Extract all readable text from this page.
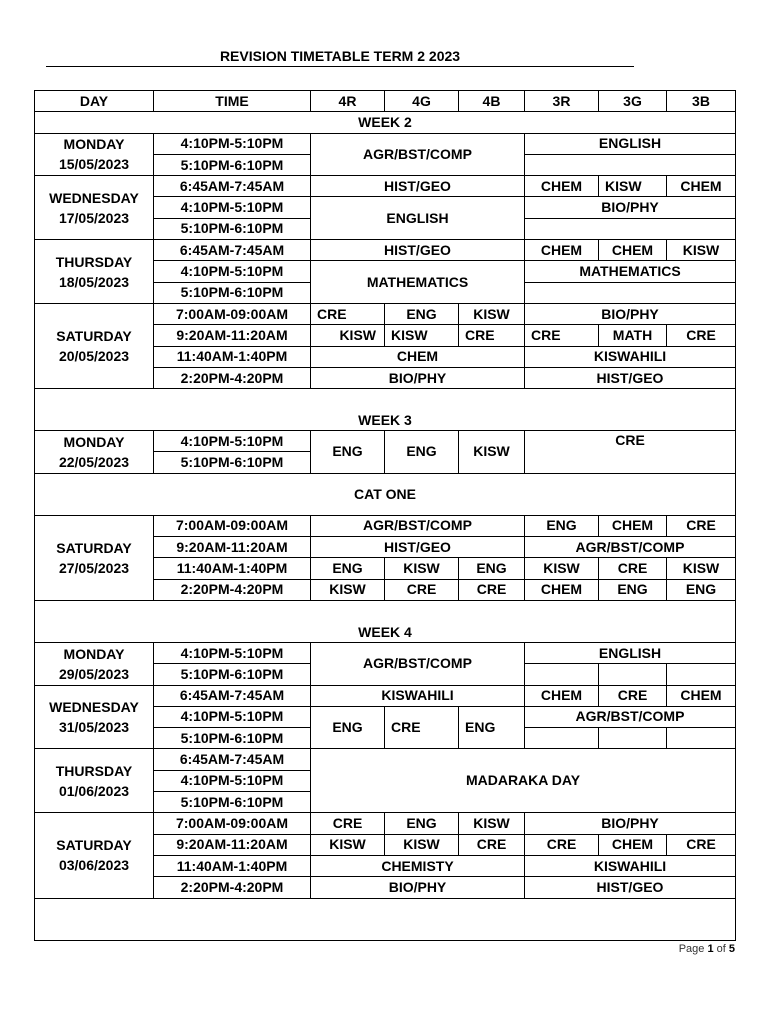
REVISION TIMETABLE TERM 2 2023
DAY	TIME	4R	4G	4B	3R	3G	3B
WEEK 2							
MONDAY
15/05/2023	4:10PM-5:10PM	AGR/BST/COMP			ENGLISH		
	5:10PM-6:10PM						
WEDNESDAY
17/05/2023	6:45AM-7:45AM	HIST/GEO			CHEM	KISW	CHEM
	4:10PM-5:10PM	ENGLISH			BIO/PHY		
	5:10PM-6:10PM						
THURSDAY
18/05/2023	6:45AM-7:45AM	HIST/GEO			CHEM	CHEM	KISW
	4:10PM-5:10PM	MATHEMATICS			MATHEMATICS		
	5:10PM-6:10PM						
SATURDAY
20/05/2023	7:00AM-09:00AM	CRE	ENG	KISW	BIO/PHY		
	9:20AM-11:20AM	KISW	KISW	CRE	CRE	MATH	CRE
	11:40AM-1:40PM	CHEM			KISWAHILI		
	2:20PM-4:20PM	BIO/PHY			HIST/GEO		
WEEK 3							
MONDAY
22/05/2023	4:10PM-5:10PM	ENG	ENG	KISW	CRE		
	5:10PM-6:10PM						
CAT ONE							
SATURDAY
27/05/2023	7:00AM-09:00AM	AGR/BST/COMP			ENG	CHEM	CRE
	9:20AM-11:20AM	HIST/GEO			AGR/BST/COMP		
	11:40AM-1:40PM	ENG	KISW	ENG	KISW	CRE	KISW
	2:20PM-4:20PM	KISW	CRE	CRE	CHEM	ENG	ENG
WEEK 4							
MONDAY
29/05/2023	4:10PM-5:10PM	AGR/BST/COMP			ENGLISH		
	5:10PM-6:10PM						
WEDNESDAY
31/05/2023	6:45AM-7:45AM	KISWAHILI			CHEM	CRE	CHEM
	4:10PM-5:10PM	ENG	CRE	ENG	AGR/BST/COMP		
	5:10PM-6:10PM						
THURSDAY
01/06/2023	6:45AM-7:45AM	MADARAKA DAY					
	4:10PM-5:10PM						
	5:10PM-6:10PM						
SATURDAY
03/06/2023	7:00AM-09:00AM	CRE	ENG	KISW	BIO/PHY		
	9:20AM-11:20AM	KISW	KISW	CRE	CRE	CHEM	CRE
	11:40AM-1:40PM	CHEMISTY			KISWAHILI		
	2:20PM-4:20PM	BIO/PHY			HIST/GEO		

Page 1 of 5
